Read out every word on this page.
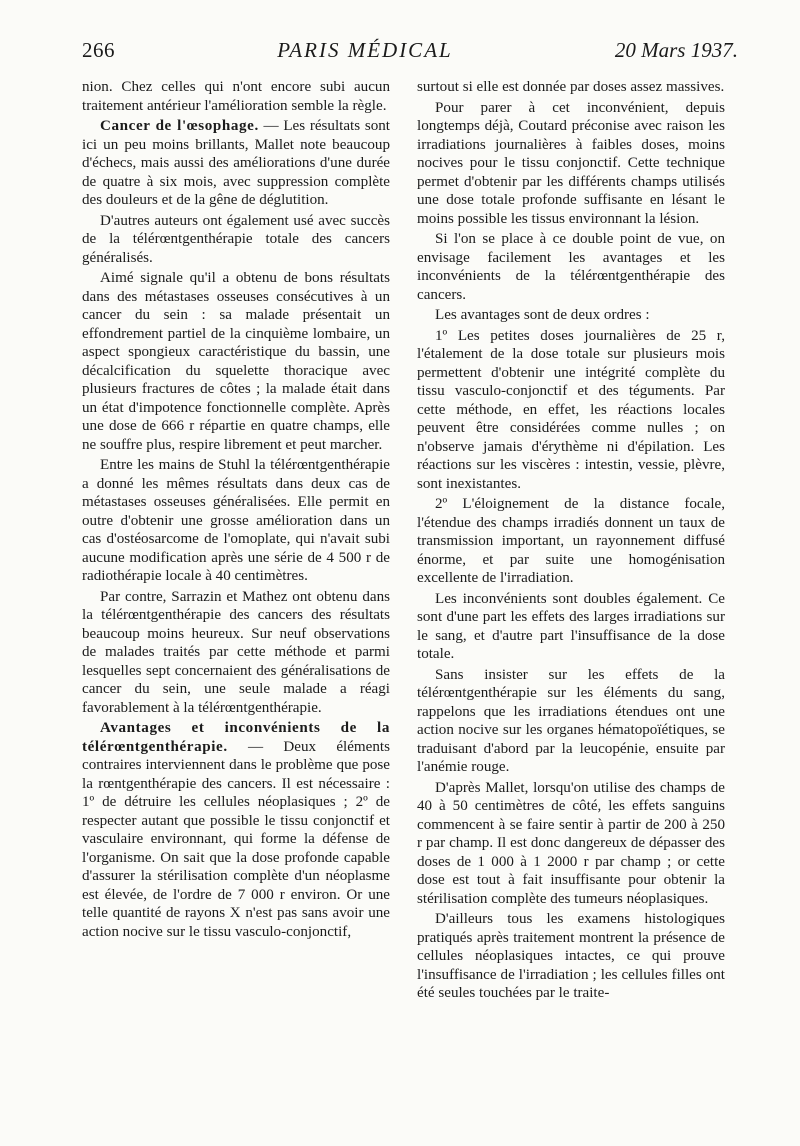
266	PARIS MÉDICAL	20 Mars 1937.

nion. Chez celles qui n'ont encore subi aucun traitement antérieur l'amélioration semble la règle.

Cancer de l'œsophage. — Les résultats sont ici un peu moins brillants, Mallet note beaucoup d'échecs, mais aussi des améliorations d'une durée de quatre à six mois, avec suppression complète des douleurs et de la gêne de déglutition.

D'autres auteurs ont également usé avec succès de la télérœntgenthérapie totale des cancers généralisés.

Aimé signale qu'il a obtenu de bons résultats dans des métastases osseuses consécutives à un cancer du sein : sa malade présentait un effondrement partiel de la cinquième lombaire, un aspect spongieux caractéristique du bassin, une décalcification du squelette thoracique avec plusieurs fractures de côtes ; la malade était dans un état d'impotence fonctionnelle complète. Après une dose de 666 r répartie en quatre champs, elle ne souffre plus, respire librement et peut marcher.

Entre les mains de Stuhl la télérœntgenthérapie a donné les mêmes résultats dans deux cas de métastases osseuses généralisées. Elle permit en outre d'obtenir une grosse amélioration dans un cas d'ostéosarcome de l'omoplate, qui n'avait subi aucune modification après une série de 4 500 r de radiothérapie locale à 40 centimètres.

Par contre, Sarrazin et Mathez ont obtenu dans la télérœntgenthérapie des cancers des résultats beaucoup moins heureux. Sur neuf observations de malades traités par cette méthode et parmi lesquelles sept concernaient des généralisations de cancer du sein, une seule malade a réagi favorablement à la télérœntgenthérapie.

Avantages et inconvénients de la télérœntgenthérapie. — Deux éléments contraires interviennent dans le problème que pose la rœntgenthérapie des cancers. Il est nécessaire : 1º de détruire les cellules néoplasiques ; 2º de respecter autant que possible le tissu conjonctif et vasculaire environnant, qui forme la défense de l'organisme. On sait que la dose profonde capable d'assurer la stérilisation complète d'un néoplasme est élevée, de l'ordre de 7 000 r environ. Or une telle quantité de rayons X n'est pas sans avoir une action nocive sur le tissu vasculo-conjonctif,

surtout si elle est donnée par doses assez massives.

Pour parer à cet inconvénient, depuis longtemps déjà, Coutard préconise avec raison les irradiations journalières à faibles doses, moins nocives pour le tissu conjonctif. Cette technique permet d'obtenir par les différents champs utilisés une dose totale profonde suffisante en lésant le moins possible les tissus environnant la lésion.

Si l'on se place à ce double point de vue, on envisage facilement les avantages et les inconvénients de la télérœntgenthérapie des cancers.

Les avantages sont de deux ordres :

1º Les petites doses journalières de 25 r, l'étalement de la dose totale sur plusieurs mois permettent d'obtenir une intégrité complète du tissu vasculo-conjonctif et des téguments. Par cette méthode, en effet, les réactions locales peuvent être considérées comme nulles ; on n'observe jamais d'érythème ni d'épilation. Les réactions sur les viscères : intestin, vessie, plèvre, sont inexistantes.

2º L'éloignement de la distance focale, l'étendue des champs irradiés donnent un taux de transmission important, un rayonnement diffusé énorme, et par suite une homogénisation excellente de l'irradiation.

Les inconvénients sont doubles également. Ce sont d'une part les effets des larges irradiations sur le sang, et d'autre part l'insuffisance de la dose totale.

Sans insister sur les effets de la télérœntgenthérapie sur les éléments du sang, rappelons que les irradiations étendues ont une action nocive sur les organes hématopoïétiques, se traduisant d'abord par la leucopénie, ensuite par l'anémie rouge.

D'après Mallet, lorsqu'on utilise des champs de 40 à 50 centimètres de côté, les effets sanguins commencent à se faire sentir à partir de 200 à 250 r par champ. Il est donc dangereux de dépasser des doses de 1 000 à 1 2000 r par champ ; or cette dose est tout à fait insuffisante pour obtenir la stérilisation complète des tumeurs néoplasiques.

D'ailleurs tous les examens histologiques pratiqués après traitement montrent la présence de cellules néoplasiques intactes, ce qui prouve l'insuffisance de l'irradiation ; les cellules filles ont été seules touchées par le traite-
